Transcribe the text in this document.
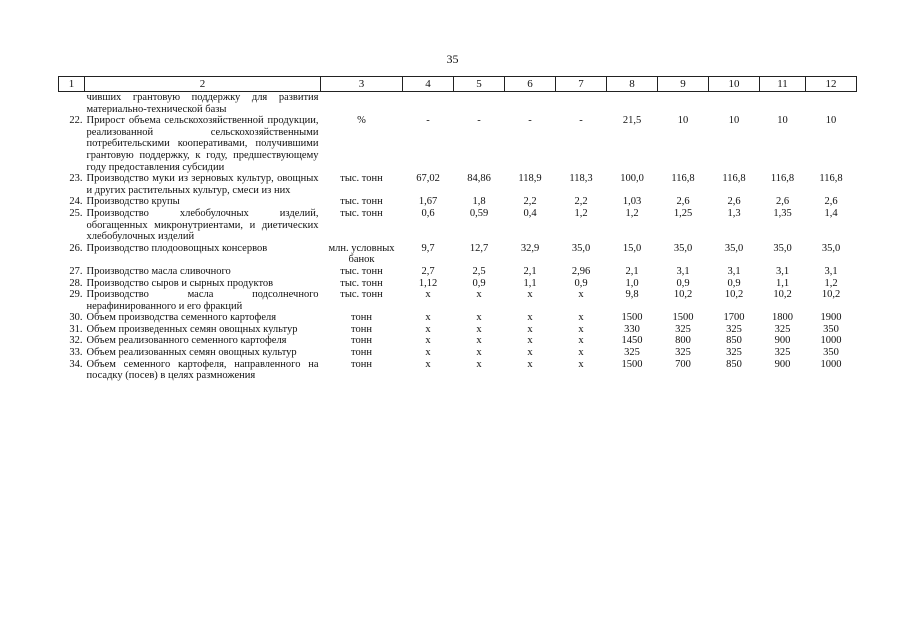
35
1	2	3	4	5	6	7	8	9	10	11	12
	чивших грантовую поддержку для развития материально-технической базы										
22.	Прирост объема сельскохозяйственной продукции, реализованной сельскохозяйственными потребительскими кооперативами, получившими грантовую поддержку, к году, предшествующему году предоставления субсидии	%	-	-	-	-	21,5	10	10	10	10
23.	Производство муки из зерновых культур, овощных и других растительных культур, смеси из них	тыс. тонн	67,02	84,86	118,9	118,3	100,0	116,8	116,8	116,8	116,8
24.	Производство крупы	тыс. тонн	1,67	1,8	2,2	2,2	1,03	2,6	2,6	2,6	2,6
25.	Производство хлебобулочных изделий, обогащенных микронутриентами, и диетических хлебобулочных изделий	тыс. тонн	0,6	0,59	0,4	1,2	1,2	1,25	1,3	1,35	1,4
26.	Производство плодоовощных консервов	млн. условных банок	9,7	12,7	32,9	35,0	15,0	35,0	35,0	35,0	35,0
27.	Производство масла сливочного	тыс. тонн	2,7	2,5	2,1	2,96	2,1	3,1	3,1	3,1	3,1
28.	Производство сыров и сырных продуктов	тыс. тонн	1,12	0,9	1,1	0,9	1,0	0,9	0,9	1,1	1,2
29.	Производство масла подсолнечного нерафинированного и его фракций	тыс. тонн	х	х	х	х	9,8	10,2	10,2	10,2	10,2
30.	Объем производства семенного картофеля	тонн	х	х	х	х	1500	1500	1700	1800	1900
31.	Объем произведенных семян овощных культур	тонн	х	х	х	х	330	325	325	325	350
32.	Объем реализованного семенного картофеля	тонн	х	х	х	х	1450	800	850	900	1000
33.	Объем реализованных семян овощных культур	тонн	х	х	х	х	325	325	325	325	350
34.	Объем семенного картофеля, направленного на посадку (посев) в целях размножения	тонн	х	х	х	х	1500	700	850	900	1000
